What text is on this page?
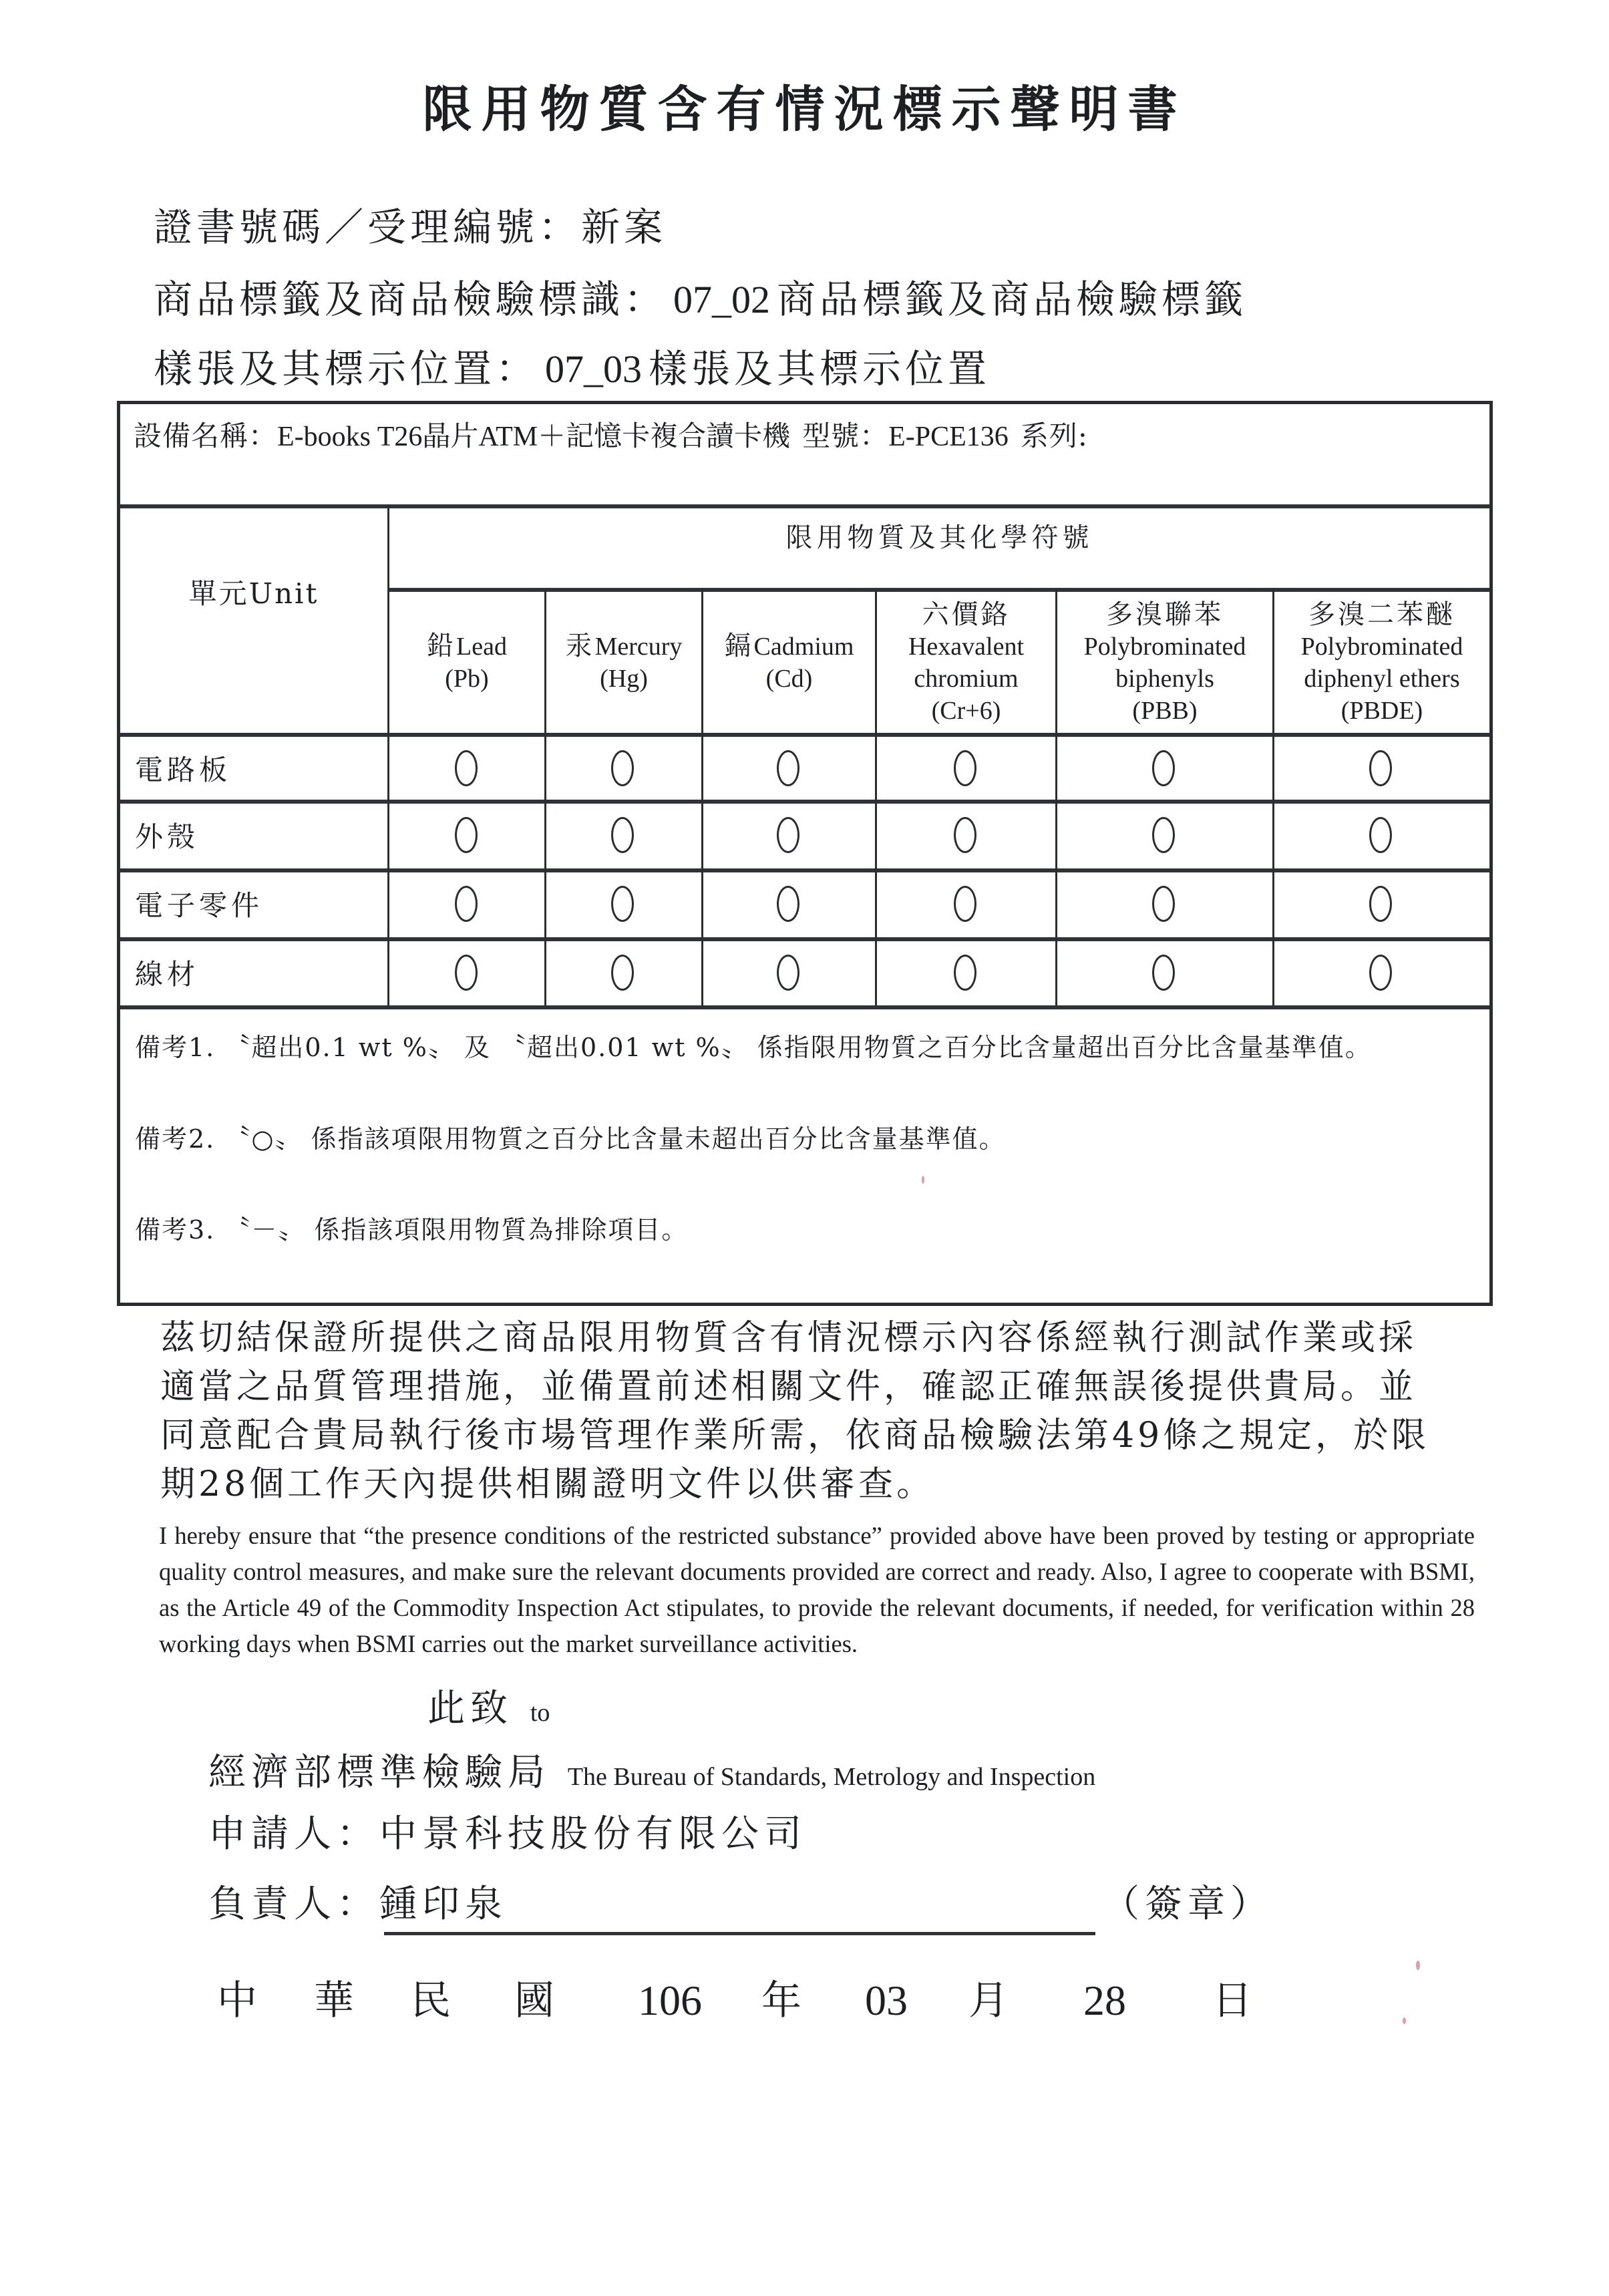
限用物質含有情況標示聲明書
證書號碼／受理編號：新案
商品標籤及商品檢驗標識： 07_02 商品標籤及商品檢驗標籤
樣張及其標示位置： 07_03 樣張及其標示位置
設備名稱：E-books T26晶片ATM＋記憶卡複合讀卡機 型號：E-PCE136 系列:
單元Unit
限用物質及其化學符號
鉛Lead
(Pb)
汞Mercury
(Hg)
鎘Cadmium
(Cd)
六價鉻
Hexavalent
chromium
(Cr+6)
多溴聯苯
Polybrominated
biphenyls
(PBB)
多溴二苯醚
Polybrominated
diphenyl ethers
(PBDE)
電路板
外殼
電子零件
線材
備考1. 〝超出0.1 wt %〟 及 〝超出0.01 wt %〟 係指限用物質之百分比含量超出百分比含量基準值。
備考2. 〝○〟 係指該項限用物質之百分比含量未超出百分比含量基準值。
備考3. 〝－〟 係指該項限用物質為排除項目。
茲切結保證所提供之商品限用物質含有情況標示內容係經執行測試作業或採
適當之品質管理措施，並備置前述相關文件，確認正確無誤後提供貴局。並
同意配合貴局執行後市場管理作業所需，依商品檢驗法第49條之規定，於限
期28個工作天內提供相關證明文件以供審查。
I hereby ensure that “the presence conditions of the restricted substance” provided above have been proved by testing or appropriate quality control measures, and make sure the relevant documents provided are correct and ready. Also, I agree to cooperate with BSMI, as the Article 49 of the Commodity Inspection Act stipulates, to provide the relevant documents, if needed, for verification within 28 working days when BSMI carries out the market surveillance activities.
此致 to
經濟部標準檢驗局 The Bureau of Standards, Metrology and Inspection
申請人：中景科技股份有限公司
負責人：鍾印泉	（簽章）
中 華 民 國 106 年 03 月 28 日
